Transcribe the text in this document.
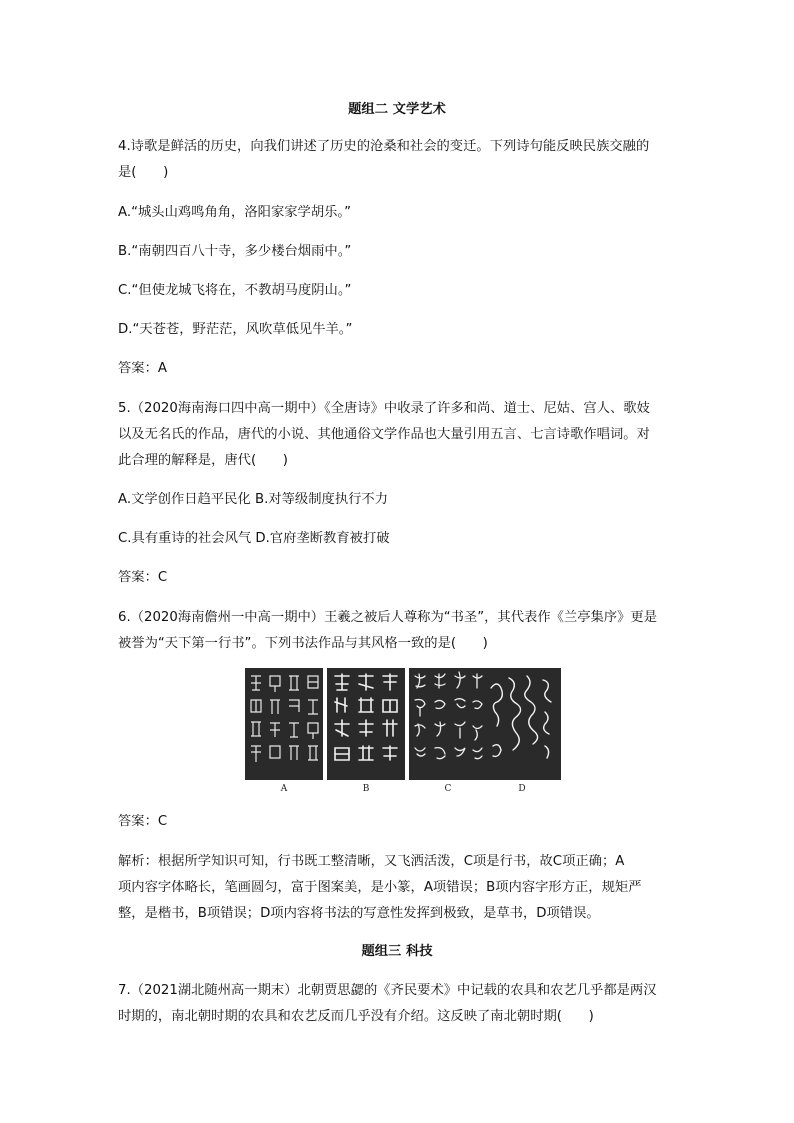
题组二 文学艺术
4.诗歌是鲜活的历史，向我们讲述了历史的沧桑和社会的变迁。下列诗句能反映民族交融的
是(　　)
A.“城头山鸡鸣角角，洛阳家家学胡乐。”
B.“南朝四百八十寺，多少楼台烟雨中。”
C.“但使龙城飞将在，不教胡马度阴山。”
D.“天苍苍，野茫茫，风吹草低见牛羊。”
答案：A
5.（2020海南海口四中高一期中）《全唐诗》中收录了许多和尚、道士、尼姑、宫人、歌妓
以及无名氏的作品，唐代的小说、其他通俗文学作品也大量引用五言、七言诗歌作唱词。对
此合理的解释是，唐代(　　)
A.文学创作日趋平民化 B.对等级制度执行不力
C.具有重诗的社会风气 D.官府垄断教育被打破
答案：C
6.（2020海南儋州一中高一期中）王羲之被后人尊称为“书圣”，其代表作《兰亭集序》更是
被誉为“天下第一行书”。下列书法作品与其风格一致的是(　　)
A	B	C	D
答案：C
解析：根据所学知识可知，行书既工整清晰，又飞洒活泼，C项是行书，故C项正确；A
项内容字体略长，笔画圆匀，富于图案美，是小篆，A项错误；B项内容字形方正，规矩严
整，是楷书，B项错误；D项内容将书法的写意性发挥到极致，是草书，D项错误。
题组三 科技
7.（2021湖北随州高一期末）北朝贾思勰的《齐民要术》中记载的农具和农艺几乎都是两汉
时期的，南北朝时期的农具和农艺反而几乎没有介绍。这反映了南北朝时期(　　)
